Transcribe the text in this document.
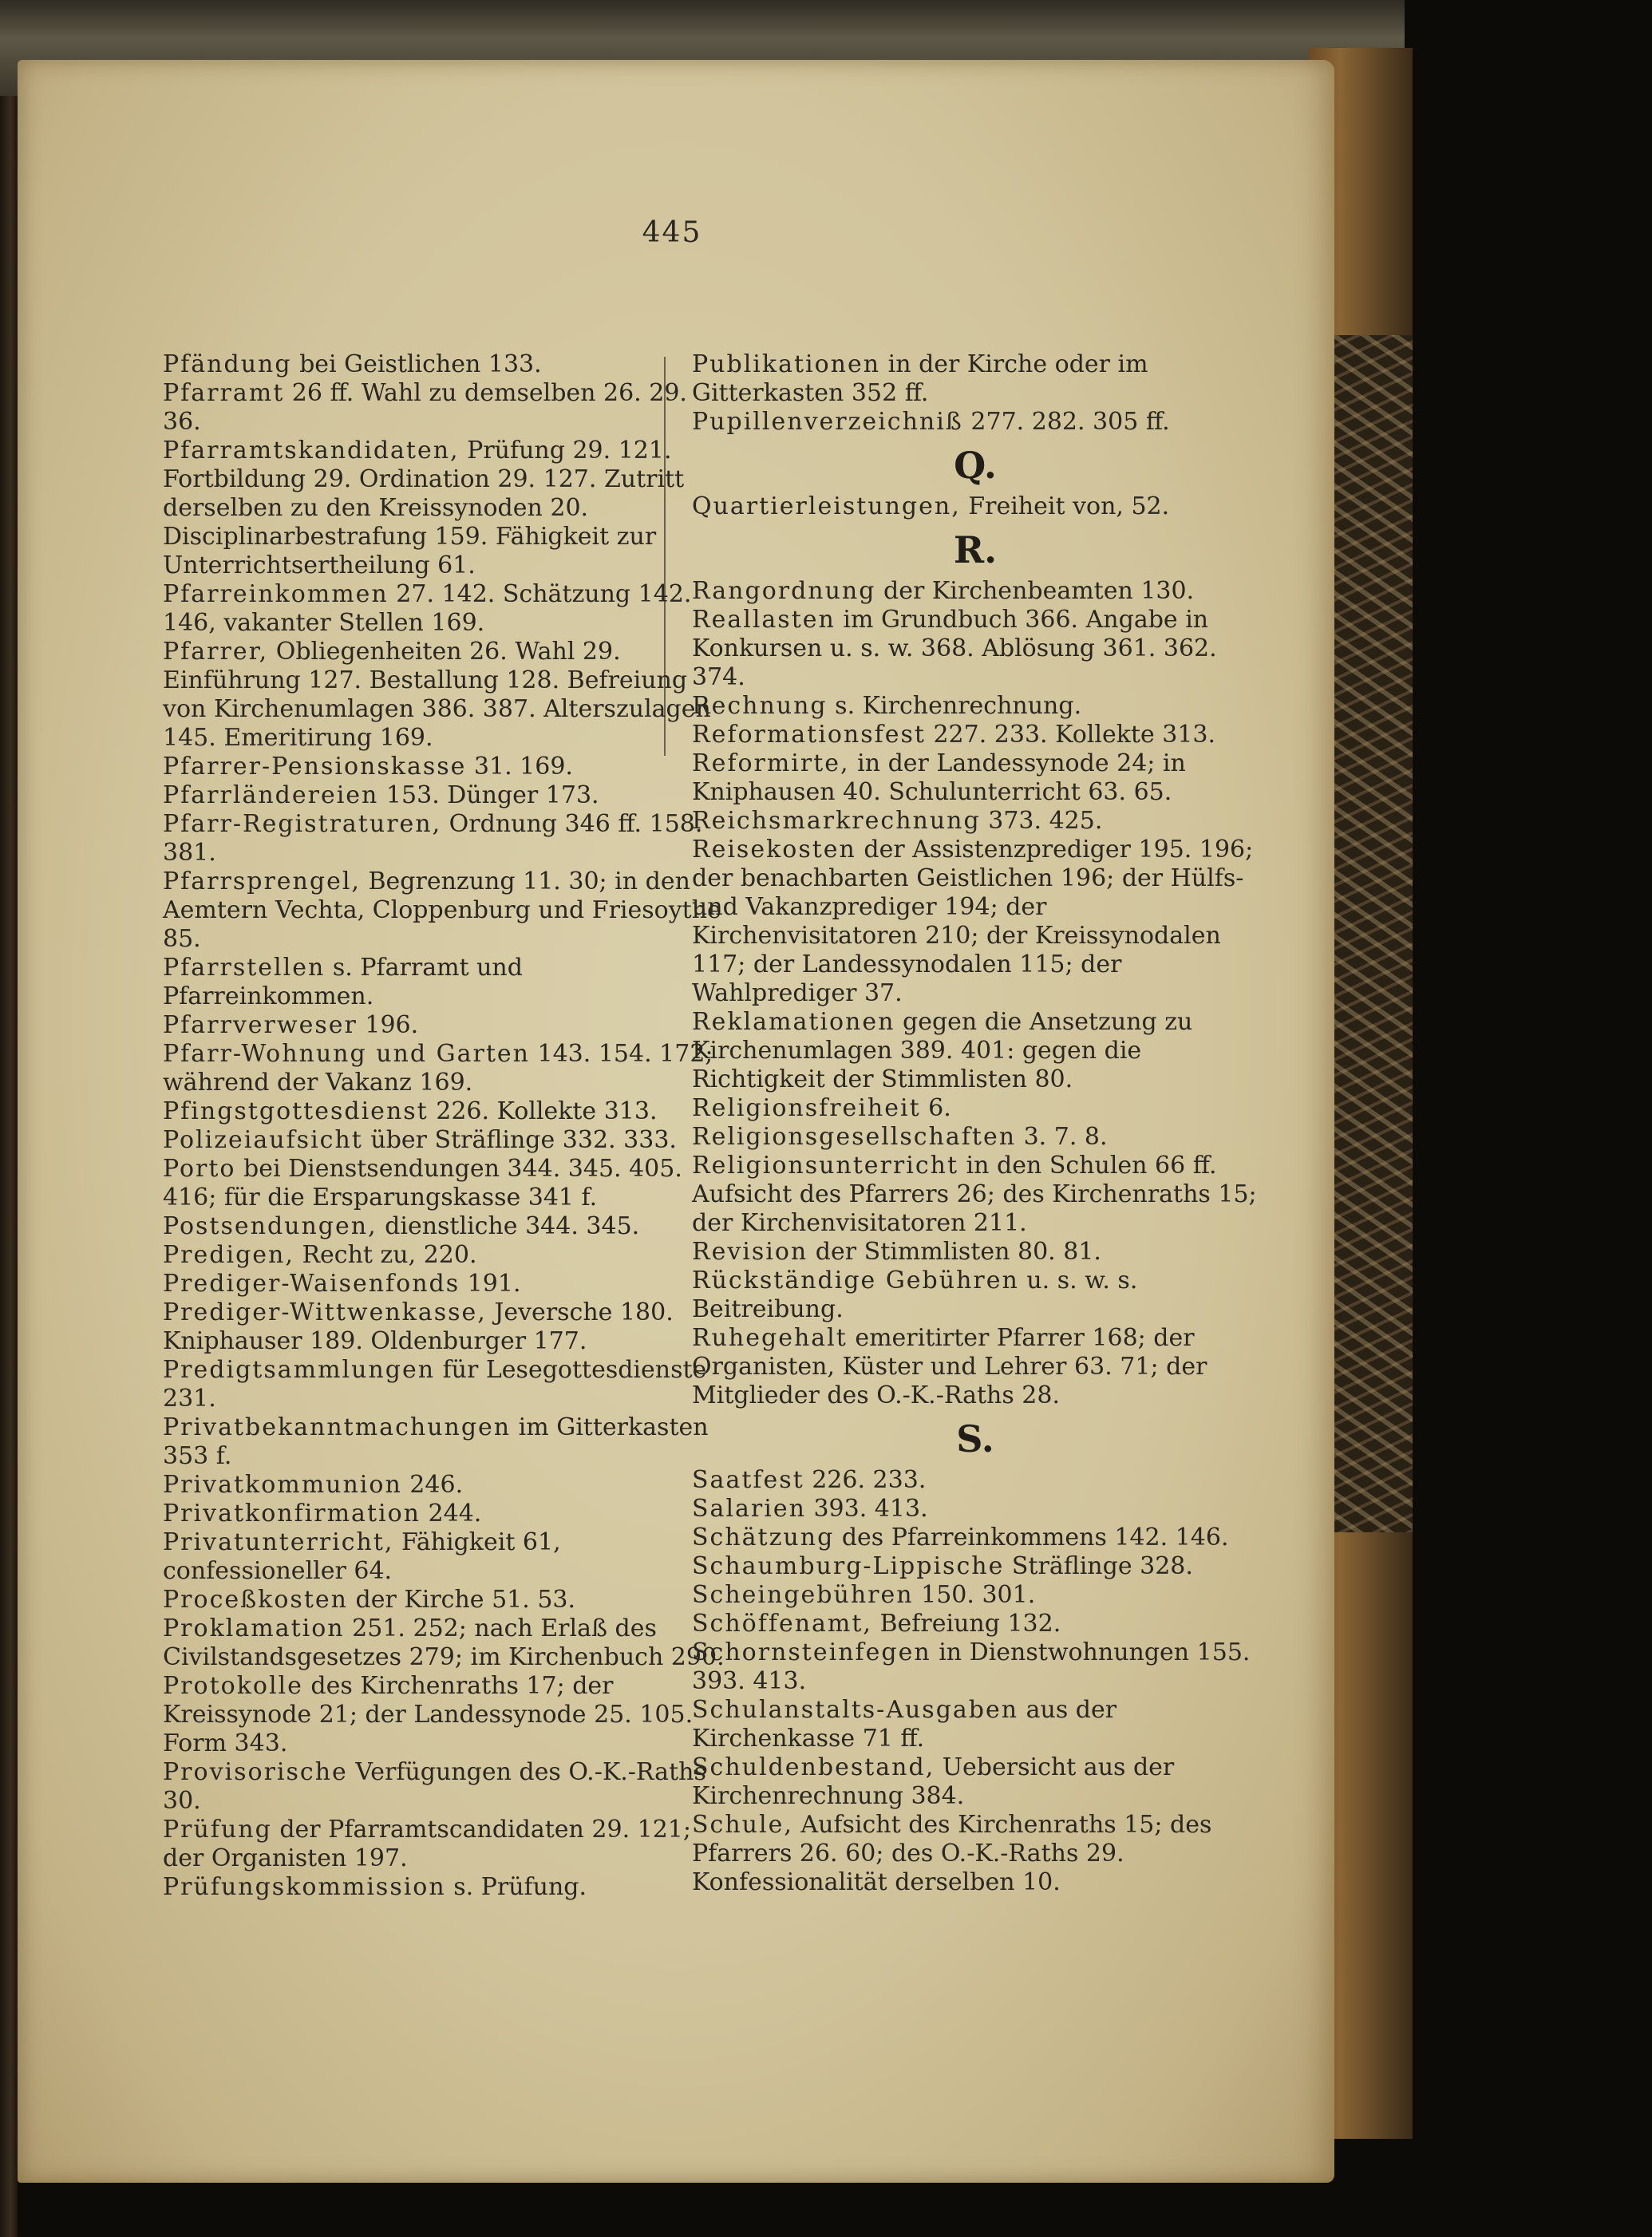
445

Pfändung bei Geistlichen 133.

Pfarramt 26 ff. Wahl zu demselben 26. 29. 36.

Pfarramtskandidaten, Prüfung 29. 121. Fortbildung 29. Ordination 29. 127. Zutritt derselben zu den Kreissynoden 20. Disciplinarbestrafung 159. Fähigkeit zur Unterrichtsertheilung 61.

Pfarreinkommen 27. 142. Schätzung 142. 146, vakanter Stellen 169.

Pfarrer, Obliegenheiten 26. Wahl 29. Einführung 127. Bestallung 128. Befreiung von Kirchenumlagen 386. 387. Alterszulagen 145. Emeritirung 169.

Pfarrer-Pensionskasse 31. 169.

Pfarrländereien 153. Dünger 173.

Pfarr-Registraturen, Ordnung 346 ff. 158. 381.

Pfarrsprengel, Begrenzung 11. 30; in den Aemtern Vechta, Cloppenburg und Friesoythe 85.

Pfarrstellen s. Pfarramt und Pfarreinkommen.

Pfarrverweser 196.

Pfarr-Wohnung und Garten 143. 154. 172; während der Vakanz 169.

Pfingstgottesdienst 226. Kollekte 313.

Polizeiaufsicht über Sträflinge 332. 333.

Porto bei Dienstsendungen 344. 345. 405. 416; für die Ersparungskasse 341 f.

Postsendungen, dienstliche 344. 345.

Predigen, Recht zu, 220.

Prediger-Waisenfonds 191.

Prediger-Wittwenkasse, Jeversche 180. Kniphauser 189. Oldenburger 177.

Predigtsammlungen für Lesegottesdienste 231.

Privatbekanntmachungen im Gitterkasten 353 f.

Privatkommunion 246.

Privatkonfirmation 244.

Privatunterricht, Fähigkeit 61, confessioneller 64.

Proceßkosten der Kirche 51. 53.

Proklamation 251. 252; nach Erlaß des Civilstandsgesetzes 279; im Kirchenbuch 290.

Protokolle des Kirchenraths 17; der Kreissynode 21; der Landessynode 25. 105. Form 343.

Provisorische Verfügungen des O.-K.-Raths 30.

Prüfung der Pfarramtscandidaten 29. 121; der Organisten 197.

Prüfungskommission s. Prüfung.

Publikationen in der Kirche oder im Gitterkasten 352 ff.

Pupillenverzeichniß 277. 282. 305 ff.

Q.

Quartierleistungen, Freiheit von, 52.

R.

Rangordnung der Kirchenbeamten 130.

Reallasten im Grundbuch 366. Angabe in Konkursen u. s. w. 368. Ablösung 361. 362. 374.

Rechnung s. Kirchenrechnung.

Reformationsfest 227. 233. Kollekte 313.

Reformirte, in der Landessynode 24; in Kniphausen 40. Schulunterricht 63. 65.

Reichsmarkrechnung 373. 425.

Reisekosten der Assistenzprediger 195. 196; der benachbarten Geistlichen 196; der Hülfs- und Vakanzprediger 194; der Kirchenvisitatoren 210; der Kreissynodalen 117; der Landessynodalen 115; der Wahlprediger 37.

Reklamationen gegen die Ansetzung zu Kirchenumlagen 389. 401: gegen die Richtigkeit der Stimmlisten 80.

Religionsfreiheit 6.

Religionsgesellschaften 3. 7. 8.

Religionsunterricht in den Schulen 66 ff. Aufsicht des Pfarrers 26; des Kirchenraths 15; der Kirchenvisitatoren 211.

Revision der Stimmlisten 80. 81.

Rückständige Gebühren u. s. w. s. Beitreibung.

Ruhegehalt emeritirter Pfarrer 168; der Organisten, Küster und Lehrer 63. 71; der Mitglieder des O.-K.-Raths 28.

S.

Saatfest 226. 233.

Salarien 393. 413.

Schätzung des Pfarreinkommens 142. 146.

Schaumburg-Lippische Sträflinge 328.

Scheingebühren 150. 301.

Schöffenamt, Befreiung 132.

Schornsteinfegen in Dienstwohnungen 155. 393. 413.

Schulanstalts-Ausgaben aus der Kirchenkasse 71 ff.

Schuldenbestand, Uebersicht aus der Kirchenrechnung 384.

Schule, Aufsicht des Kirchenraths 15; des Pfarrers 26. 60; des O.-K.-Raths 29. Konfessionalität derselben 10.
